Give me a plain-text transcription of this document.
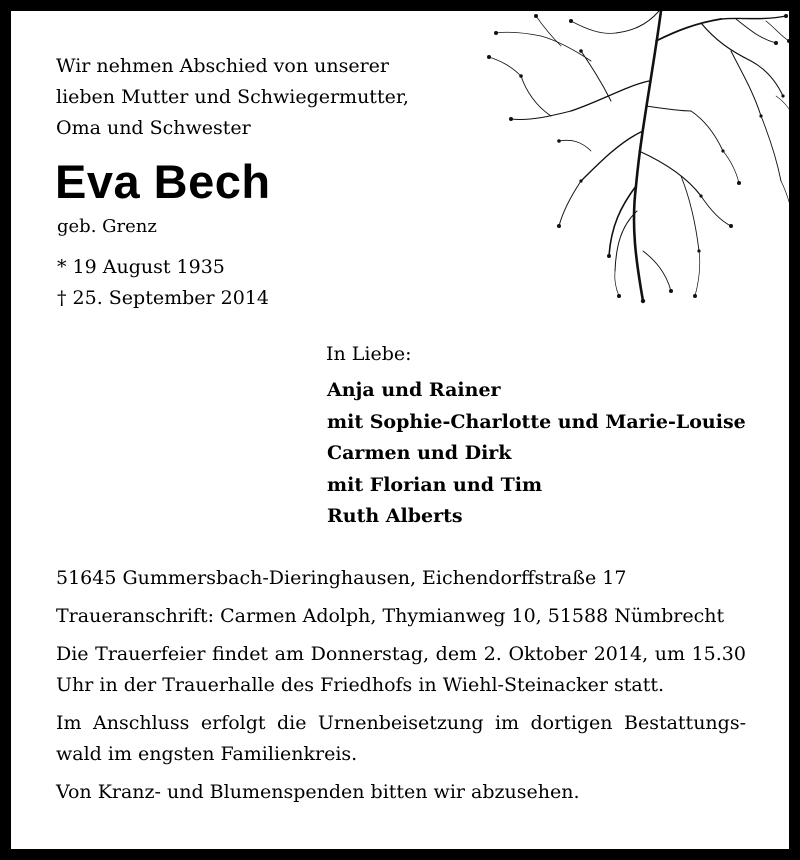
Wir nehmen Abschied von unserer
lieben Mutter und Schwiegermutter,
Oma und Schwester
Eva Bech
geb. Grenz
* 19 August 1935
† 25. September 2014
In Liebe:
Anja und Rainer
mit Sophie-Charlotte und Marie-Louise
Carmen und Dirk
mit Florian und Tim
Ruth Alberts

51645 Gummersbach-Dieringhausen, Eichendorffstraße 17

Traueranschrift: Carmen Adolph, Thymianweg 10, 51588 Nümbrecht

Die Trauerfeier findet am Donnerstag, dem 2. Oktober 2014, um 15.30 Uhr in der Trauerhalle des Friedhofs in Wiehl-Steinacker statt.

Im Anschluss erfolgt die Urnenbeisetzung im dortigen Bestattungs-wald im engsten Familienkreis.

Von Kranz- und Blumenspenden bitten wir abzusehen.
